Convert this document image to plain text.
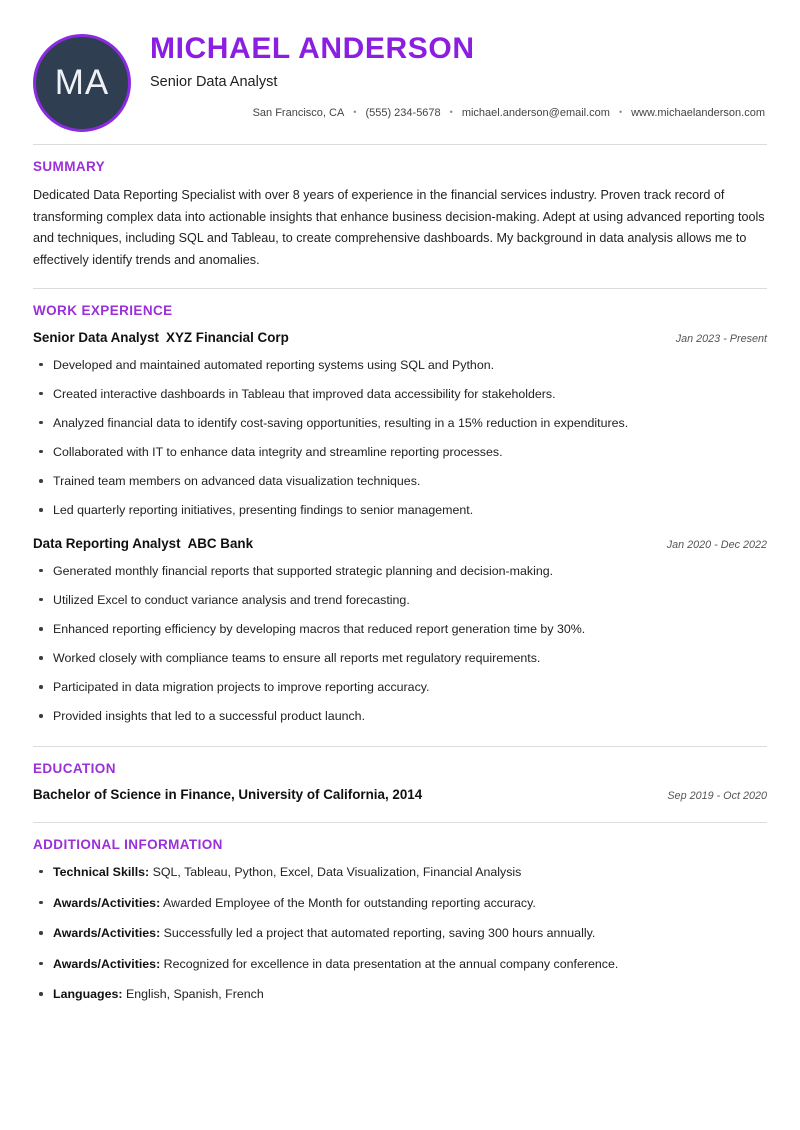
MA
MICHAEL ANDERSON
Senior Data Analyst
San Francisco, CA	• (555) 234-5678	• michael.anderson@email.com	• www.michaelanderson.com
SUMMARY

Dedicated Data Reporting Specialist with over 8 years of experience in the financial services industry. Proven track record of transforming complex data into actionable insights that enhance business decision-making. Adept at using advanced reporting tools and techniques, including SQL and Tableau, to create comprehensive dashboards. My background in data analysis allows me to effectively identify trends and anomalies.

WORK EXPERIENCE
Senior Data Analyst XYZ Financial Corp	Jan 2023 - Present
Developed and maintained automated reporting systems using SQL and Python.
Created interactive dashboards in Tableau that improved data accessibility for stakeholders.
Analyzed financial data to identify cost-saving opportunities, resulting in a 15% reduction in expenditures.
Collaborated with IT to enhance data integrity and streamline reporting processes.
Trained team members on advanced data visualization techniques.
Led quarterly reporting initiatives, presenting findings to senior management.
Data Reporting Analyst ABC Bank	Jan 2020 - Dec 2022
Generated monthly financial reports that supported strategic planning and decision-making.
Utilized Excel to conduct variance analysis and trend forecasting.
Enhanced reporting efficiency by developing macros that reduced report generation time by 30%.
Worked closely with compliance teams to ensure all reports met regulatory requirements.
Participated in data migration projects to improve reporting accuracy.
Provided insights that led to a successful product launch.
EDUCATION
Bachelor of Science in Finance, University of California, 2014	Sep 2019 - Oct 2020
ADDITIONAL INFORMATION
Technical Skills: SQL, Tableau, Python, Excel, Data Visualization, Financial Analysis
Awards/Activities: Awarded Employee of the Month for outstanding reporting accuracy.
Awards/Activities: Successfully led a project that automated reporting, saving 300 hours annually.
Awards/Activities: Recognized for excellence in data presentation at the annual company conference.
Languages: English, Spanish, French
